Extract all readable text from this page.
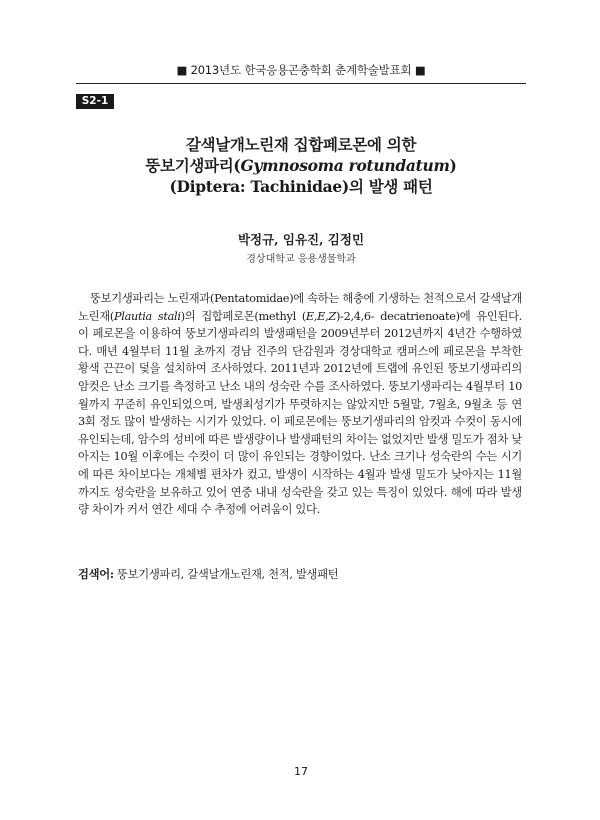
■ 2013년도 한국응용곤충학회 춘계학술발표회 ■
S2-1
갈색날개노린재 집합페로몬에 의한
뚱보기생파리(Gymnosoma rotundatum)
(Diptera: Tachinidae)의 발생 패턴
박정규, 임유진, 김정민
경상대학교 응용생물학과

뚱보기생파리는 노린재과(Pentatomidae)에 속하는 해충에 기생하는 천적으로서 갈색날개노린재(Plautia stali)의 집합페로몬(methyl (E,E,Z)-2,4,6- decatrienoate)에 유인된다. 이 페로몬을 이용하여 뚱보기생파리의 발생패턴을 2009년부터 2012년까지 4년간 수행하였다. 매년 4월부터 11월 초까지 경남 진주의 단감원과 경상대학교 캠퍼스에 페로몬을 부착한 황색 끈끈이 덫을 설치하여 조사하였다. 2011년과 2012년에 트랩에 유인된 뚱보기생파리의 암컷은 난소 크기를 측정하고 난소 내의 성숙란 수를 조사하였다. 뚱보기생파리는 4월부터 10월까지 꾸준히 유인되었으며, 발생최성기가 뚜렷하지는 않았지만 5월말, 7월초, 9월초 등 연 3회 정도 많이 발생하는 시기가 있었다. 이 페로몬에는 뚱보기생파리의 암컷과 수컷이 동시에 유인되는데, 암수의 성비에 따른 발생량이나 발생패턴의 차이는 없었지만 발생 밀도가 점차 낮아지는 10월 이후에는 수컷이 더 많이 유인되는 경향이었다. 난소 크기나 성숙란의 수는 시기에 따른 차이보다는 개체별 편차가 컸고, 발생이 시작하는 4월과 발생 밀도가 낮아지는 11월까지도 성숙란을 보유하고 있어 연중 내내 성숙란을 갖고 있는 특징이 있었다. 해에 따라 발생량 차이가 커서 연간 세대 수 추정에 어려움이 있다.

검색어: 뚱보기생파리, 갈색날개노린재, 천적, 발생패턴
17
